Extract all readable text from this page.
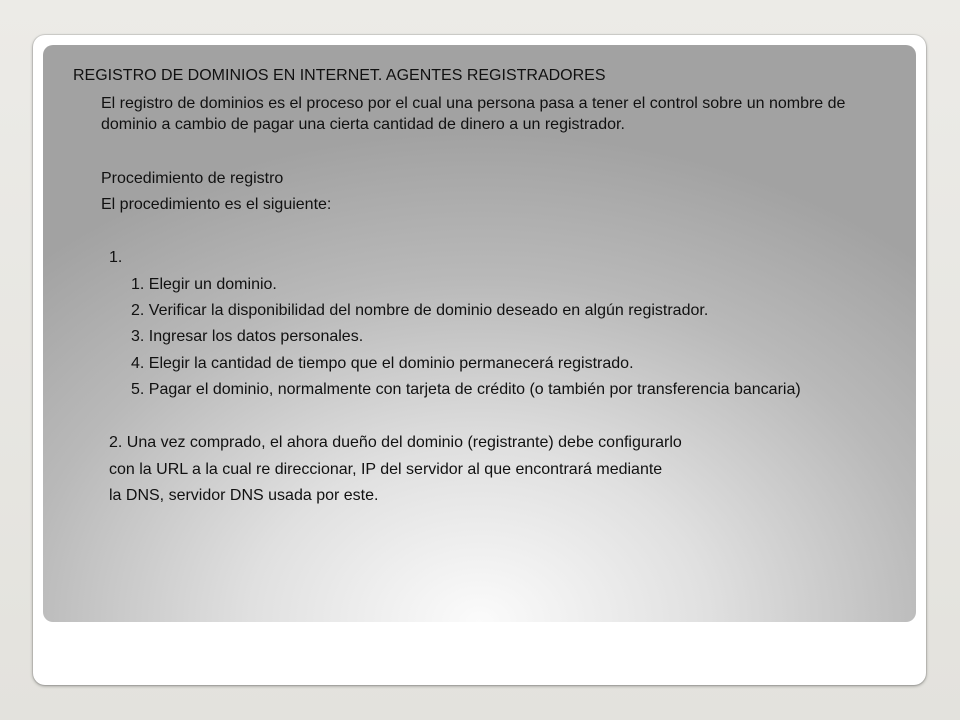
REGISTRO DE DOMINIOS EN INTERNET. AGENTES REGISTRADORES

El registro de dominios es el proceso por el cual una persona pasa a tener el control sobre un nombre de dominio a cambio de pagar una cierta cantidad de dinero a un registrador.

Procedimiento de registro

El procedimiento es el siguiente:

1.

1. Elegir un dominio.

2. Verificar la disponibilidad del nombre de dominio deseado en algún registrador.

3. Ingresar los datos personales.

4. Elegir la cantidad de tiempo que el dominio permanecerá registrado.

5. Pagar el dominio, normalmente con tarjeta de crédito (o también por transferencia bancaria)

2. Una vez comprado, el ahora dueño del dominio (registrante) debe configurarlo

con la URL a la cual re direccionar, IP del servidor al que encontrará mediante

la DNS, servidor DNS usada por este.
